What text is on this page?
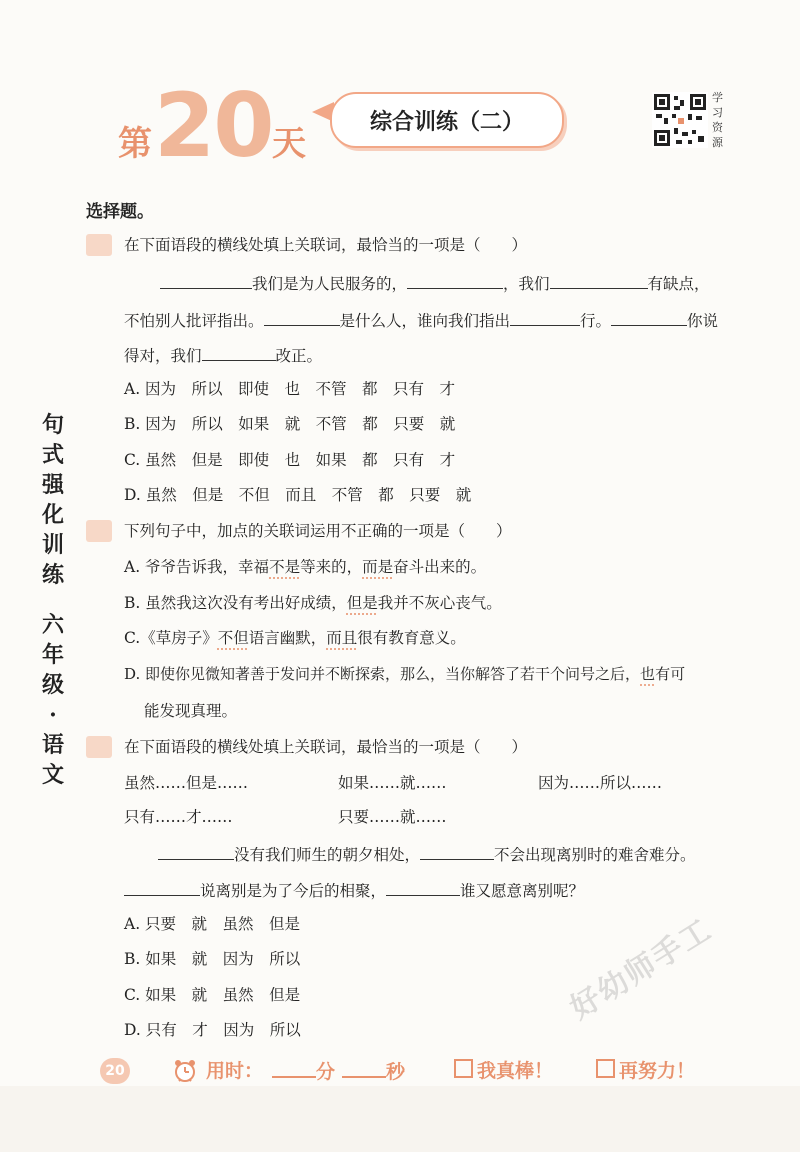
第 20 天
综合训练（二）
学
习
资
源
句
式
强
化
训
练
六
年
级
·
语
文
选择题。
在下面语段的横线处填上关联词，最恰当的一项是（　　）
我们是为人民服务的，	，我们	有缺点，
不怕别人批评指出。	是什么人，谁向我们指出	行。	你说
得对，我们	改正。
A. 因为　所以　即使　也　不管　都　只有　才
B. 因为　所以　如果　就　不管　都　只要　就
C. 虽然　但是　即使　也　如果　都　只有　才
D. 虽然　但是　不但　而且　不管　都　只要　就
下列句子中，加点的关联词运用不正确的一项是（　　）
A. 爷爷告诉我，幸福不是等来的，而是奋斗出来的。
B. 虽然我这次没有考出好成绩，但是我并不灰心丧气。
C.《草房子》不但语言幽默，而且很有教育意义。
D. 即使你见微知著善于发问并不断探索，那么，当你解答了若干个问号之后，也有可
能发现真理。
在下面语段的横线处填上关联词，最恰当的一项是（　　）
虽然……但是……	如果……就……	因为……所以……
只有……才……	只要……就……
没有我们师生的朝夕相处，	不会出现离别时的难舍难分。
说离别是为了今后的相聚，	谁又愿意离别呢？
A. 只要　就　虽然　但是
B. 如果　就　因为　所以
C. 如果　就　虽然　但是
D. 只有　才　因为　所以
好幼师手工
20	用时：	分	秒	我真棒！	再努力！
